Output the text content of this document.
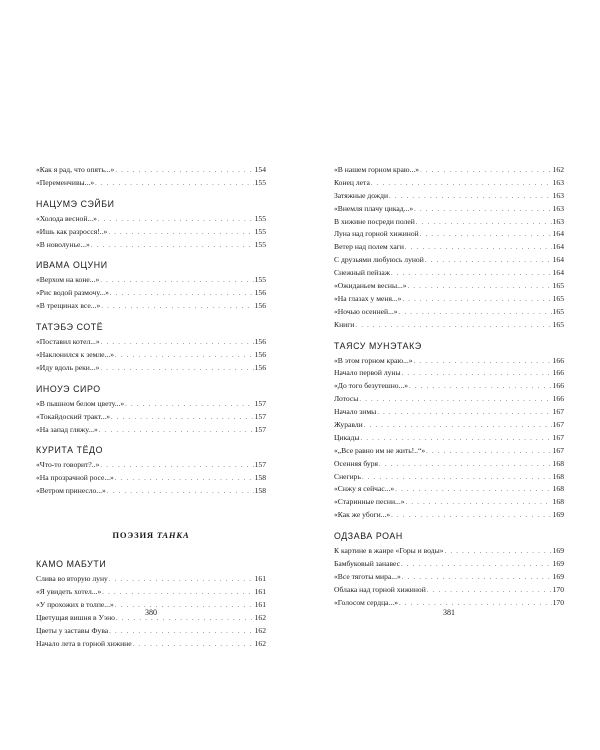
«Как я рад, что опять...» . . .	154
«Переменчивы...» . . .	155
НАЦУМЭ СЭЙБИ
«Холода весной...» . . .	155
«Ишь как разросся!..» . . .	155
«В новолунье...» . . .	155
ИВАМА ОЦУНИ
«Верхом на коне...» . . .	155
«Рис водой размочу...» . . .	156
«В трещинах все...» . . .	156
ТАТЭБЭ СОТЁ
«Поставил котел...» . . .	156
«Наклонился к земле...» . . .	156
«Иду вдоль реки...» . . .	156
ИНОУЭ СИРО
«В пышном белом цвету...» . . .	157
«Токайдоский тракт...» . . .	157
«На запад гляжу...» . . .	157
КУРИТА ТЁДО
«Что-то говорит?..» . . .	157
«На прозрачной росе...» . . .	158
«Ветром принесло...» . . .	158
ПОЭЗИЯ ТАНКА
КАМО МАБУТИ
Слива во вторую луну . . .	161
«Я увидеть хотел...» . . .	161
«У прохожих в толпе...» . . .	161
Цветущая вишня в Уэно . . .	162
Цветы у заставы Фува . . .	162
Начало лета в горной хижине . . .	162
«В нашем горном краю...» . . .	162
Конец лета . . .	163
Затяжные дожди . . .	163
«Внемля плачу цикад...» . . .	163
В хижине посреди полей . . .	163
Луна над горной хижиной . . .	164
Ветер над полем хаги . . .	164
С друзьями любуюсь луной . . .	164
Снежный пейзаж . . .	164
«Ожиданьем весны...» . . .	165
«На глазах у меня...» . . .	165
«Ночью осенней...» . . .	165
Книги . . .	165
ТАЯСУ МУНЭТАКЭ
«В этом горном краю...» . . .	166
Начало первой луны . . .	166
«До того безутешно...» . . .	166
Лотосы . . .	166
Начало зимы . . .	167
Журавли . . .	167
Цикады . . .	167
«„Все равно им не жить!..“» . . .	167
Осенняя буря . . .	168
Снегирь . . .	168
«Снжу я сейчас...» . . .	168
«Старинные песни...» . . .	168
«Как же убоги...» . . .	169
ОДЗАВА РОАН
К картине в жанре «Горы и воды» . . .	169
Бамбуковый занавес . . .	169
«Все тяготы мира...» . . .	169
Облака над горной хижиной . . .	170
«Голосом сердца...» . . .	170
380	381
